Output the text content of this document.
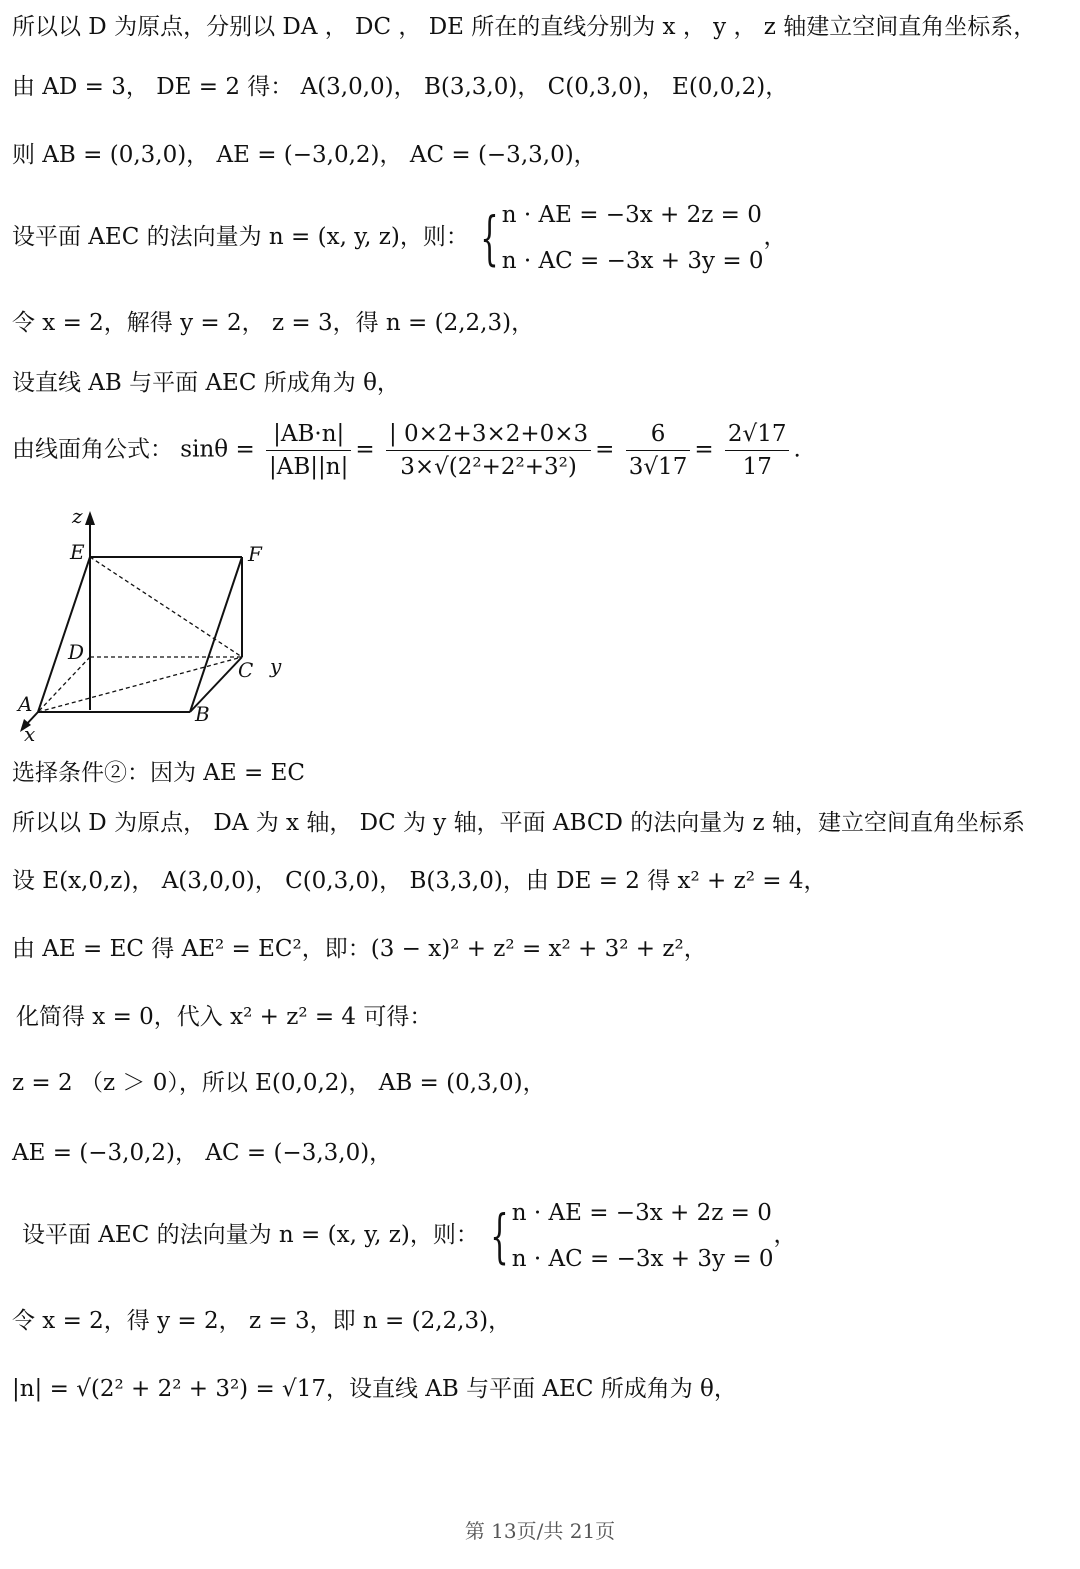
所以以 D 为原点，分别以 DA ， DC ， DE 所在的直线分别为 x ， y ， z 轴建立空间直角坐标系，
由 AD = 3， DE = 2 得： A(3,0,0)， B(3,3,0)， C(0,3,0)， E(0,0,2)，
则 AB = (0,3,0)， AE = (−3,0,2)， AC = (−3,3,0)，
设平面 AEC 的法向量为 n = (x, y, z)，则： { n · AE = −3x + 2z = 0
n · AC = −3x + 3y = 0
，
令 x = 2，解得 y = 2， z = 3，得 n = (2,2,3)，
设直线 AB 与平面 AEC 所成角为 θ，
由线面角公式： $\sin\theta = \frac{|AB\cdot n|}{|AB||n|} = \frac{| 0\times 2+3\times 2+0\times 3}{\text{3×√(2²+2²+3²)}} = \frac{6}{3√17} = \frac{2√17}{17}$ .
z
E	F
D
C y
A	B
x
选择条件②：因为 AE = EC
所以以 D 为原点， DA 为 x 轴， DC 为 y 轴，平面 ABCD 的法向量为 z 轴，建立空间直角坐标系
设 E(x,0,z)， A(3,0,0)， C(0,3,0)， B(3,3,0)，由 DE = 2 得 x² + z² = 4，
由 AE = EC 得 AE² = EC²，即：(3 − x)² + z² = x² + 3² + z²，
化简得 x = 0，代入 x² + z² = 4 可得：
z = 2 （z ＞ 0），所以 E(0,0,2)， AB = (0,3,0)，
AE = (−3,0,2)， AC = (−3,3,0)，
设平面 AEC 的法向量为 n = (x, y, z)，则： { n · AE = −3x + 2z = 0
n · AC = −3x + 3y = 0
，
令 x = 2，得 y = 2， z = 3，即 n = (2,2,3)，
|n| = √(2² + 2² + 3²) = √17，设直线 AB 与平面 AEC 所成角为 θ，
第 13页/共 21页
